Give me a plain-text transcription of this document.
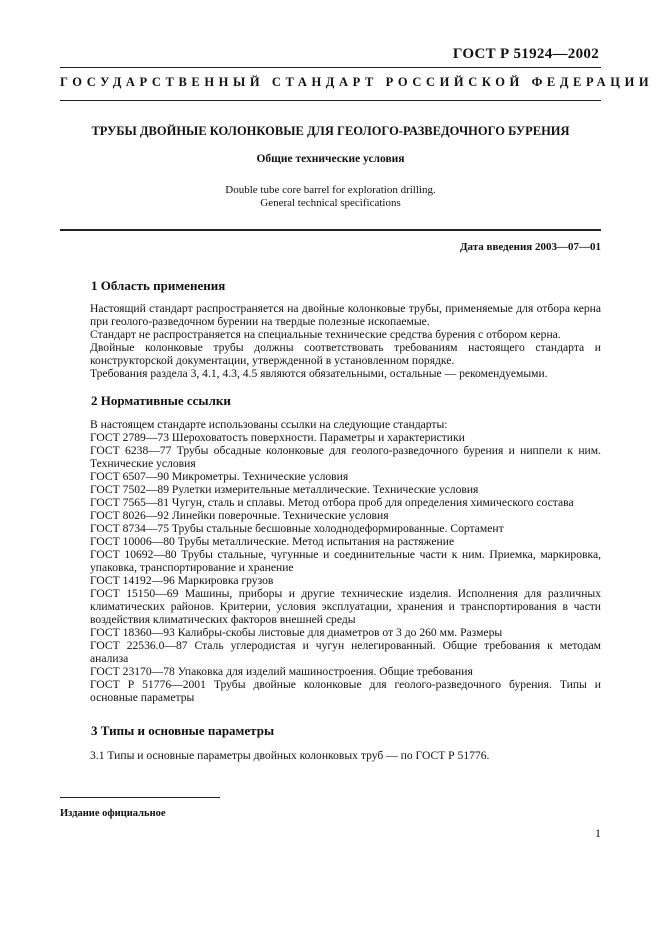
ГОСТ Р 51924—2002
ГОСУДАРСТВЕННЫЙ СТАНДАРТ РОССИЙСКОЙ ФЕДЕРАЦИИ
ТРУБЫ ДВОЙНЫЕ КОЛОНКОВЫЕ ДЛЯ ГЕОЛОГО-РАЗВЕДОЧНОГО БУРЕНИЯ
Общие технические условия
Double tube core barrel for exploration drilling.
General technical specifications
Дата введения 2003—07—01
1 Область применения

Настоящий стандарт распространяется на двойные колонковые трубы, применяемые для отбора керна при геолого-разведочном бурении на твердые полезные ископаемые.

Стандарт не распространяется на специальные технические средства бурения с отбором керна.

Двойные колонковые трубы должны соответствовать требованиям настоящего стандарта и конструкторской документации, утвержденной в установленном порядке.

Требования раздела 3, 4.1, 4.3, 4.5 являются обязательными, остальные — рекомендуемыми.

2 Нормативные ссылки

В настоящем стандарте использованы ссылки на следующие стандарты:

ГОСТ 2789—73 Шероховатость поверхности. Параметры и характеристики

ГОСТ 6238—77 Трубы обсадные колонковые для геолого-разведочного бурения и ниппели к ним. Технические условия

ГОСТ 6507—90 Микрометры. Технические условия

ГОСТ 7502—89 Рулетки измерительные металлические. Технические условия

ГОСТ 7565—81 Чугун, сталь и сплавы. Метод отбора проб для определения химического состава

ГОСТ 8026—92 Линейки поверочные. Технические условия

ГОСТ 8734—75 Трубы стальные бесшовные холоднодеформированные. Сортамент

ГОСТ 10006—80 Трубы металлические. Метод испытания на растяжение

ГОСТ 10692—80 Трубы стальные, чугунные и соединительные части к ним. Приемка, маркировка, упаковка, транспортирование и хранение

ГОСТ 14192—96 Маркировка грузов

ГОСТ 15150—69 Машины, приборы и другие технические изделия. Исполнения для различных климатических районов. Критерии, условия эксплуатации, хранения и транспортирования в части воздействия климатических факторов внешней среды

ГОСТ 18360—93 Калибры-скобы листовые для диаметров от 3 до 260 мм. Размеры

ГОСТ 22536.0—87 Сталь углеродистая и чугун нелегированный. Общие требования к методам анализа

ГОСТ 23170—78 Упаковка для изделий машиностроения. Общие требования

ГОСТ Р 51776—2001 Трубы двойные колонковые для геолого-разведочного бурения. Типы и основные параметры

3 Типы и основные параметры

3.1 Типы и основные параметры двойных колонковых труб — по ГОСТ Р 51776.

Издание официальное
1
